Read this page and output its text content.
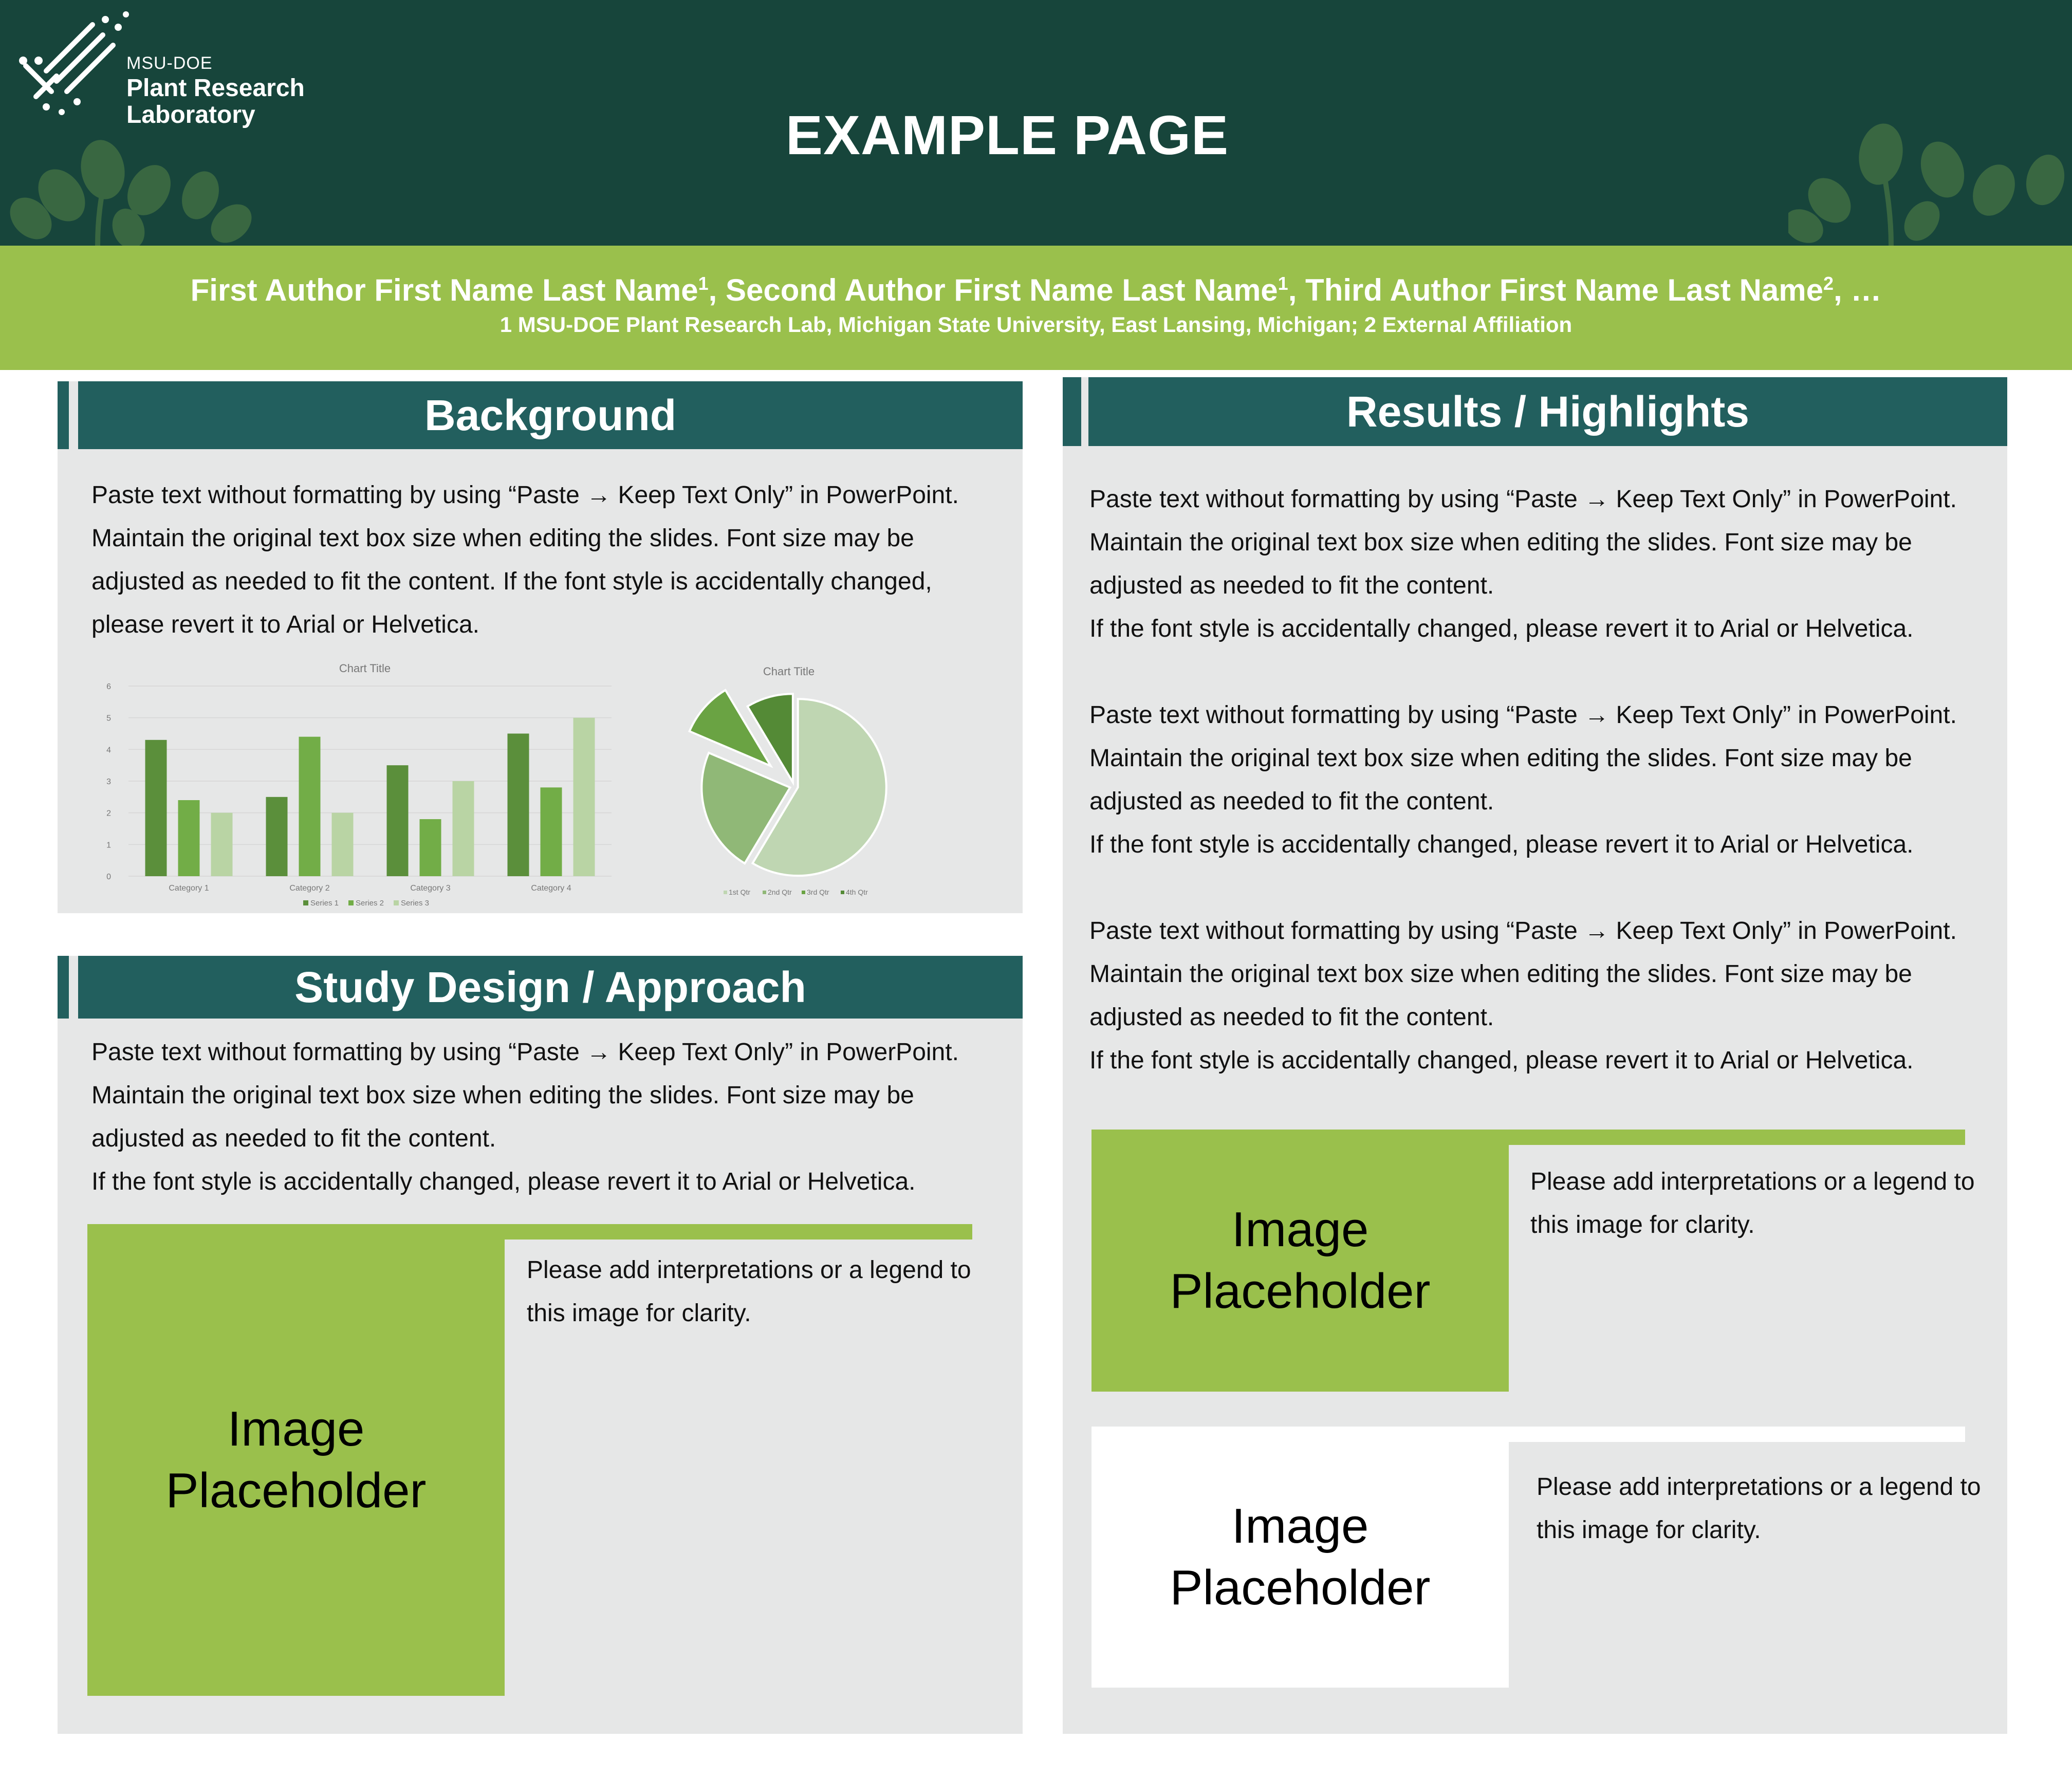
MSU-DOE
Plant Research
Laboratory	EXAMPLE PAGE
First Author First Name Last Name$^1$, Second Author First Name Last Name$^1$, Third Author First Name Last Name$^2$, …
1 MSU-DOE Plant Research Lab, Michigan State University, East Lansing, Michigan; 2 External Affiliation
Background
Paste text without formatting by using “Paste → Keep Text Only” in PowerPoint. Maintain the original text box size when editing the slides. Font size may be adjusted as needed to fit the content. If the font style is accidentally changed, please revert it to Arial or Helvetica.
Chart Title
0
1
2
3
4
5
6
Category 1	Category 2	Category 3	Category 4
Series 1 Series 2 Series 3
Chart Title
1st Qtr 2nd Qtr 3rd Qtr 4th Qtr
Study Design / Approach
Paste text without formatting by using “Paste → Keep Text Only” in PowerPoint.
Maintain the original text box size when editing the slides. Font size may be
adjusted as needed to fit the content.
If the font style is accidentally changed, please revert it to Arial or Helvetica.
Image Placeholder
Please add interpretations or a legend to this image for clarity.
Results / Highlights
Paste text without formatting by using “Paste → Keep Text Only” in PowerPoint.
Maintain the original text box size when editing the slides. Font size may be
adjusted as needed to fit the content.
If the font style is accidentally changed, please revert it to Arial or Helvetica.
Paste text without formatting by using “Paste → Keep Text Only” in PowerPoint.
Maintain the original text box size when editing the slides. Font size may be
adjusted as needed to fit the content.
If the font style is accidentally changed, please revert it to Arial or Helvetica.
Paste text without formatting by using “Paste → Keep Text Only” in PowerPoint.
Maintain the original text box size when editing the slides. Font size may be
adjusted as needed to fit the content.
If the font style is accidentally changed, please revert it to Arial or Helvetica.
Image Placeholder
Please add interpretations or a legend to this image for clarity.
Image Placeholder
Please add interpretations or a legend to this image for clarity.
